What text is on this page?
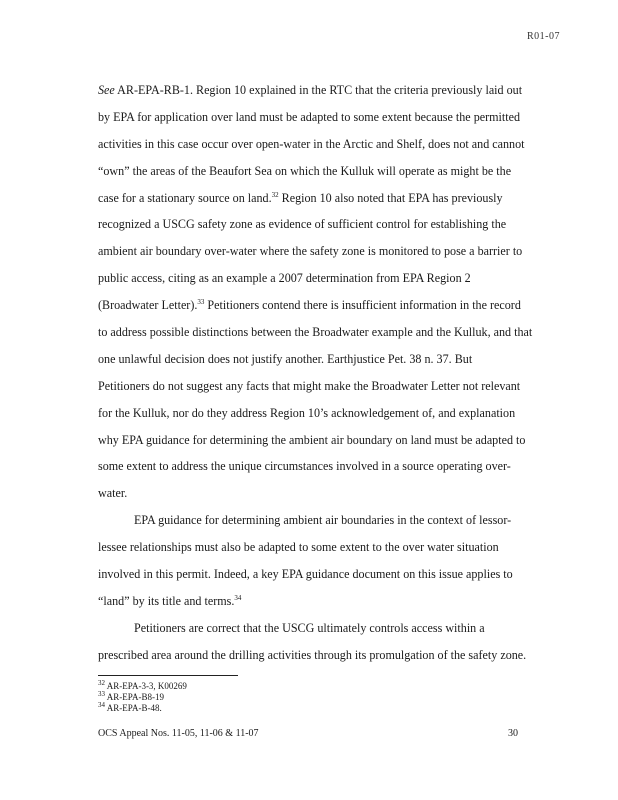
R01-07
See AR-EPA-RB-1. Region 10 explained in the RTC that the criteria previously laid out
by EPA for application over land must be adapted to some extent because the permitted
activities in this case occur over open-water in the Arctic and Shelf, does not and cannot
“own” the areas of the Beaufort Sea on which the Kulluk will operate as might be the
case for a stationary source on land.$^{32}$ Region 10 also noted that EPA has previously
recognized a USCG safety zone as evidence of sufficient control for establishing the
ambient air boundary over-water where the safety zone is monitored to pose a barrier to
public access, citing as an example a 2007 determination from EPA Region 2
(Broadwater Letter).$^{33}$ Petitioners contend there is insufficient information in the record
to address possible distinctions between the Broadwater example and the Kulluk, and that
one unlawful decision does not justify another. Earthjustice Pet. 38 n. 37. But
Petitioners do not suggest any facts that might make the Broadwater Letter not relevant
for the Kulluk, nor do they address Region 10’s acknowledgement of, and explanation
why EPA guidance for determining the ambient air boundary on land must be adapted to
some extent to address the unique circumstances involved in a source operating over-
water.
EPA guidance for determining ambient air boundaries in the context of lessor-
lessee relationships must also be adapted to some extent to the over water situation
involved in this permit. Indeed, a key EPA guidance document on this issue applies to
“land” by its title and terms.$^{34}$
Petitioners are correct that the USCG ultimately controls access within a
prescribed area around the drilling activities through its promulgation of the safety zone.
$^{32}$ AR-EPA-3-3, K00269
$^{33}$ AR-EPA-B8-19
$^{34}$ AR-EPA-B-48.
OCS Appeal Nos. 11-05, 11-06 & 11-07	30
